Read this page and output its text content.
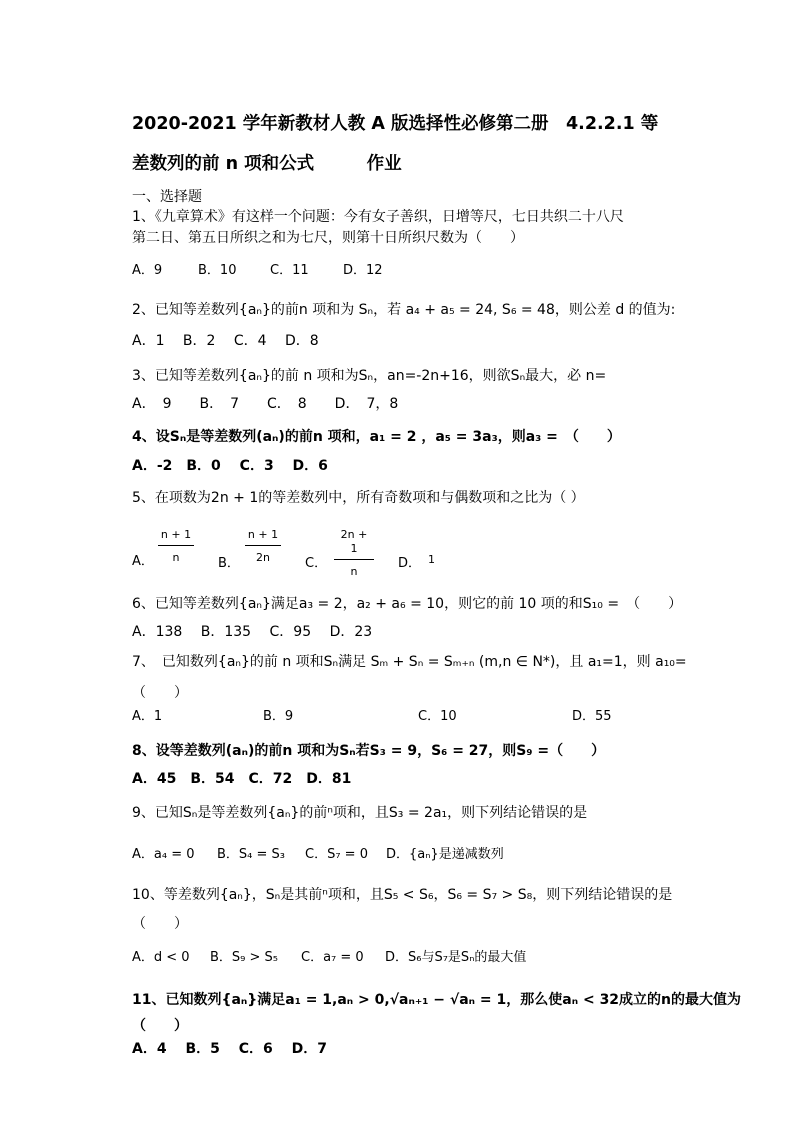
2020-2021 学年新教材人教 A 版选择性必修第二册　4.2.2.1 等
差数列的前 n 项和公式　　　作业
一、选择题
1、《九章算术》有这样一个问题：今有女子善织，日增等尺，七日共织二十八尺
第二日、第五日所织之和为七尺，则第十日所织尺数为（　　）
A．9	B．10	C．11	D．12
2、已知等差数列{aₙ}的前n 项和为 Sₙ，若 a₄ + a₅ = 24, S₆ = 48，则公差 d 的值为:
A．1　 B．2　 C．4　 D．8
3、已知等差数列{aₙ}的前 n 项和为Sₙ，an=-2n+16，则欲Sₙ最大，必 n=
A．　9　　B．　7　　C．　8　　D．　7，8
4、设Sₙ是等差数列(aₙ)的前n 项和，a₁ = 2 ，a₅ = 3a₃，则a₃ =　（　　）
A．-2　B．0　 C．3　 D．6
5、在项数为2n + 1的等差数列中，所有奇数项和与偶数项和之比为（ ）
A． $\frac{n + 1}{n}$ B． $\frac{n + 1}{2n}$ C． $\frac{2n + 1}{n}$ D． 1
6、已知等差数列{aₙ}满足a₃ = 2，a₂ + a₆ = 10，则它的前 10 项的和S₁₀ =　（　　）
A．138　 B．135　 C．95　 D．23
7、　已知数列{aₙ}的前 n 项和Sₙ满足 Sₘ + Sₙ = Sₘ₊ₙ (m,n ∈ N*)，且 a₁=1，则 a₁₀=
（　　）
A．1	B．9	C．10	D．55
8、设等差数列(aₙ)的前n 项和为Sₙ若S₃ = 9，S₆ = 27，则S₉ =（　　）
A．45　B．54　C．72　D．81
9、已知Sₙ是等差数列{aₙ}的前ⁿ项和，且S₃ = 2a₁，则下列结论错误的是
A．a₄ = 0 B．S₄ = S₃ C．S₇ = 0 D．{aₙ}是递减数列
10、等差数列{aₙ}，Sₙ是其前ⁿ项和，且S₅ < S₆，S₆ = S₇ > S₈，则下列结论错误的是
（　　）
A．d < 0 B．S₉ > S₅ C．a₇ = 0 D．S₆与S₇是Sₙ的最大值
11、已知数列{aₙ}满足a₁ = 1,aₙ > 0,√aₙ₊₁ − √aₙ = 1，那么使aₙ < 32成立的n的最大值为
（　　）
A．4　 B．5　 C．6　 D．7
